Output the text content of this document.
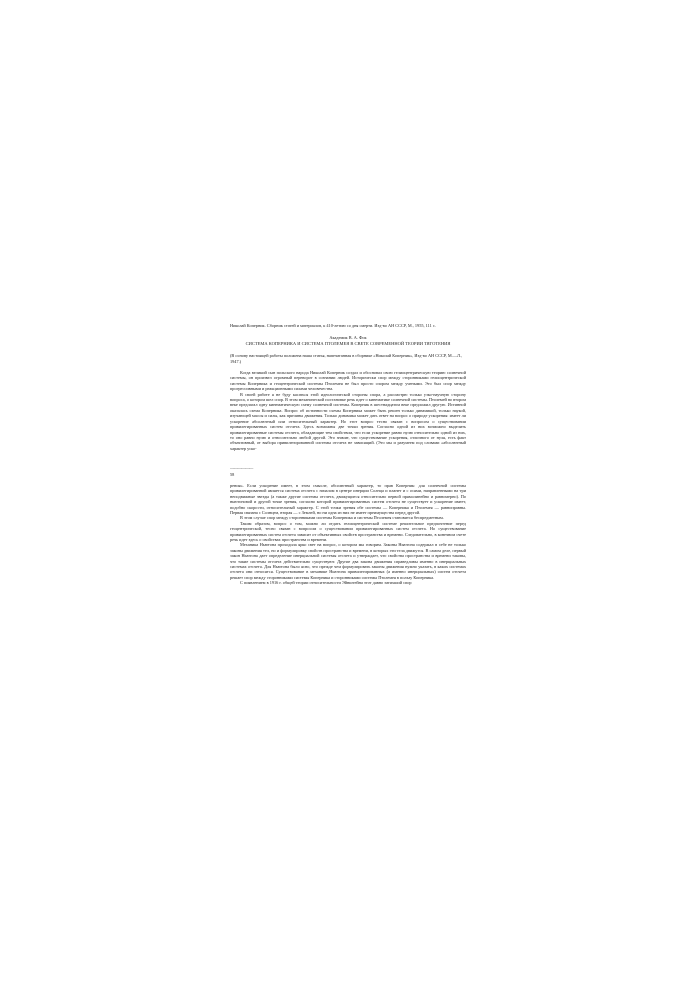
Николай Коперник. Сборник статей и материалов, к 410-летию со дня смерти. Изд-во АН СССР, М., 1955, 111 с.

Академик В. А. Фок

СИСТЕМА КОПЕРНИКА И СИСТЕМА ПТОЛЕМЕЯ В СВЕТЕ СОВРЕМЕННОЙ ТЕОРИИ ТЯГОТЕНИЯ

(В основу настоящей работы положена наша статья, напечатанная в сборнике «Николай Коперник», Изд-во АН СССР, М.—Л., 1947.)

Когда великий сын польского народа Николай Коперник создал и обосновал свою гелиоцентрическую теорию солнечной системы, он произвел огромный переворот в сознании людей. Исторически спор между сторонниками гелиоцентрической системы Коперника и геоцентрической системы Птолемея не был просто спором между учеными. Это был спор между прогрессивными и реакционными силами человечества.

В своей работе я не буду касаться этой идеологической стороны спора, а рассмотрю только узко-научную сторону вопроса, о котором шел спор. В этом механической постановке речь идет о кинематике солнечной системы. Птолемей во втором веке предлагал одну кинематическую схему солнечной системы. Коперник в шестнадцатом веке предложил другую. Истинной оказалась схема Коперника. Вопрос об истинности схемы Коперника может быть решен только динамикой, только наукой, изучающей массы и силы, как причины движения. Только динамика может дать ответ на вопрос о природе ускорения: имеет ли ускорение абсолютный или относительный характер. Но этот вопрос тесно связан с вопросом о существовании привилегированных систем отсчета. Здесь возможны две точки зрения. Согласно одной из них возможно выделить привилегированные системы отсчета, обладающие тем свойством, что если ускорение равно нулю относительно одной из них, то оно равно нулю и относительно любой другой. Это значит, что существование ускорения, отличного от нуля, есть факт объективный, от выбора привилегированной системы отсчета не зависящий. (Это мы и разумеем под словами «абсолютный характер уско-

——————
58

рения». Если ускорение имеет, в этом смысле, абсолютный характер, то прав Коперник: для солнечной системы привилегированной является система отсчета с началом в центре инерции Солнца и планет и с осями, направленными на три неподвижные звезды (а также другие системы отсчета, движущиеся относительно первой прямолинейно и равномерно). По ньютоновой и другой точке зрения, согласно которой привилегированных систем отсчета не существует и ускорение имеет, подобно скорости, относительный характер. С этой точки зрения обе системы — Коперника и Птолемея — равноправны. Первая связана с Солнцем, вторая — с Землей, но ни одна из них не имеет преимущества перед другой.

В этом случае спор между сторонниками системы Коперника и системы Птолемея становится беспредметным.

Таким образом, вопрос о том, можно ли отдать гелиоцентрической системе решительное предпочтение перед геоцентрической, тесно связан с вопросом о существовании привилегированных систем отсчета. Но существование привилегированных систем отсчета зависит от объективных свойств пространства и времени. Следовательно, в конечном счете речь идет здесь о свойствах пространства и времени.

Механика Ньютона проходила ярко свет на вопрос, о котором мы говорим. Законы Ньютона содержал в себе не только законы движения тел, но и формулировку свойств пространства и времени, в которых эти тела движутся. В самом деле, первый закон Ньютона дает определение инерциальной системы отсчета и утверждает, что свойства пространства и времени таковы, что такие системы отсчета действительно существуют. Другие два закона движения справедливы именно в инерциальных системах отсчета. Для Ньютона было ясно, что прежде чем формулировать законы движения нужно указать, в каких системах отсчета они относятся. Существование в механике Ньютона привилегированных (а именно инерциальных) систем отсчета решает спор между сторонниками системы Коперника и сторонниками системы Птолемея в пользу Коперника.

С появлением в 1916 г. общей теории относительности Эйнштейна этот давно затихший спор
